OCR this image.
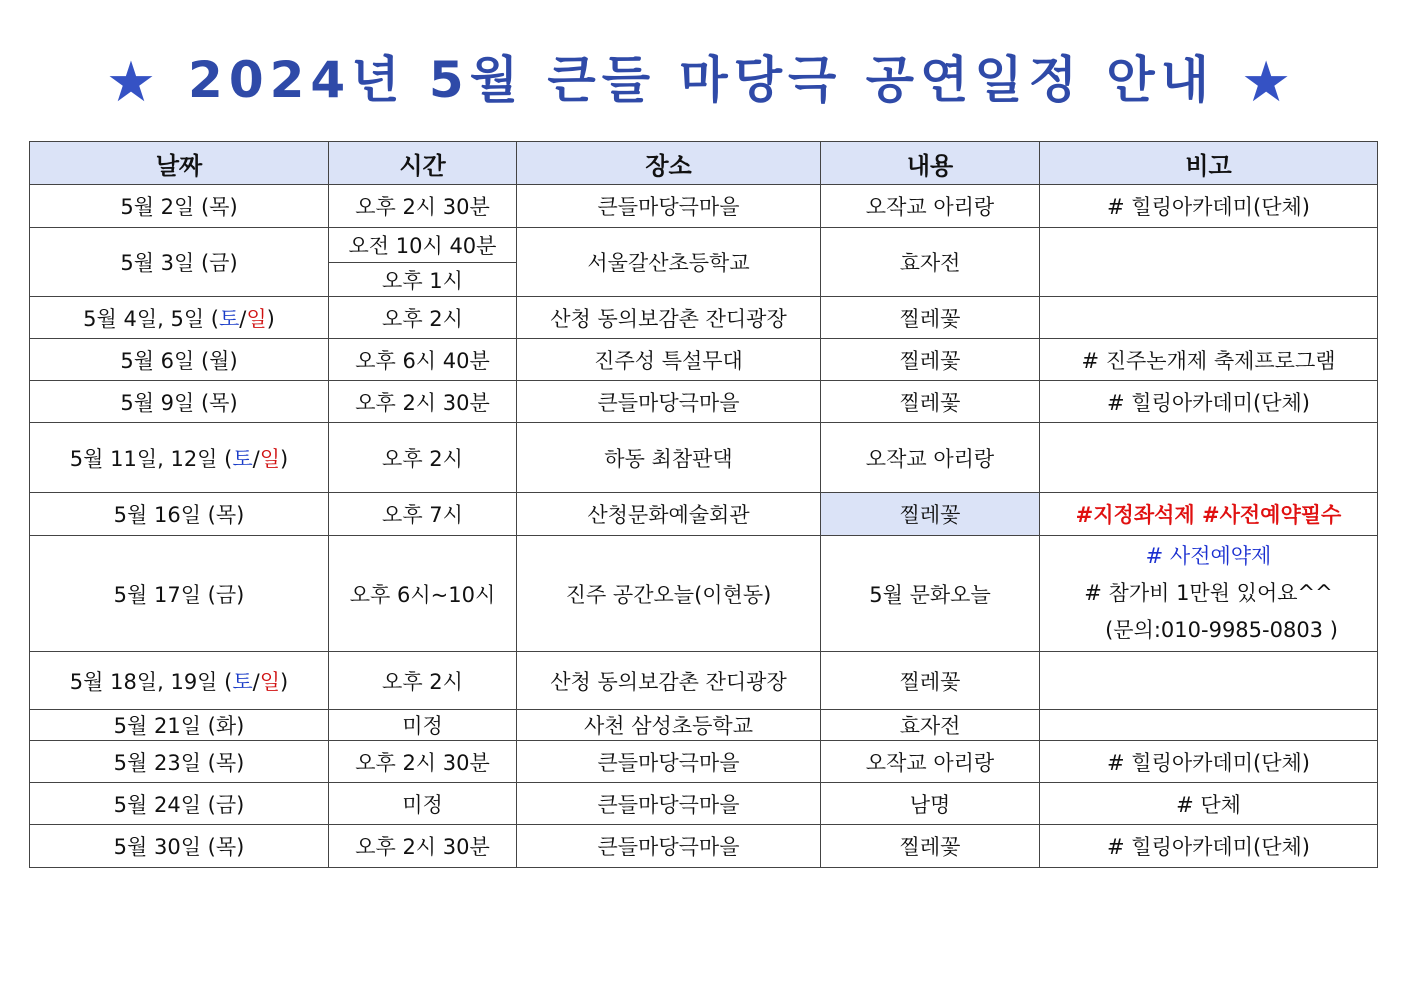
★ 2024년 5월 큰들 마당극 공연일정 안내 ★
날짜	시간	장소	내용	비고
5월 2일 (목)	오후 2시 30분	큰들마당극마을	오작교 아리랑	# 힐링아카데미(단체)
5월 3일 (금)	오전 10시 40분	서울갈산초등학교	효자전	
	오후 1시			
5월 4일, 5일 (토/일)	오후 2시	산청 동의보감촌 잔디광장	찔레꽃	
5월 6일 (월)	오후 6시 40분	진주성 특설무대	찔레꽃	# 진주논개제 축제프로그램
5월 9일 (목)	오후 2시 30분	큰들마당극마을	찔레꽃	# 힐링아카데미(단체)
5월 11일, 12일 (토/일)	오후 2시	하동 최참판댁	오작교 아리랑	
5월 16일 (목)	오후 7시	산청문화예술회관	찔레꽃	#지정좌석제 #사전예약필수
5월 17일 (금)	오후 6시~10시	진주 공간오늘(이현동)	5월 문화오늘	# 사전예약제
# 참가비 1만원 있어요^^
(문의:010-9985-0803 )

5월 18일, 19일 (토/일)	오후 2시	산청 동의보감촌 잔디광장	찔레꽃	
5월 21일 (화)	미정	사천 삼성초등학교	효자전	
5월 23일 (목)	오후 2시 30분	큰들마당극마을	오작교 아리랑	# 힐링아카데미(단체)
5월 24일 (금)	미정	큰들마당극마을	남명	# 단체
5월 30일 (목)	오후 2시 30분	큰들마당극마을	찔레꽃	# 힐링아카데미(단체)
